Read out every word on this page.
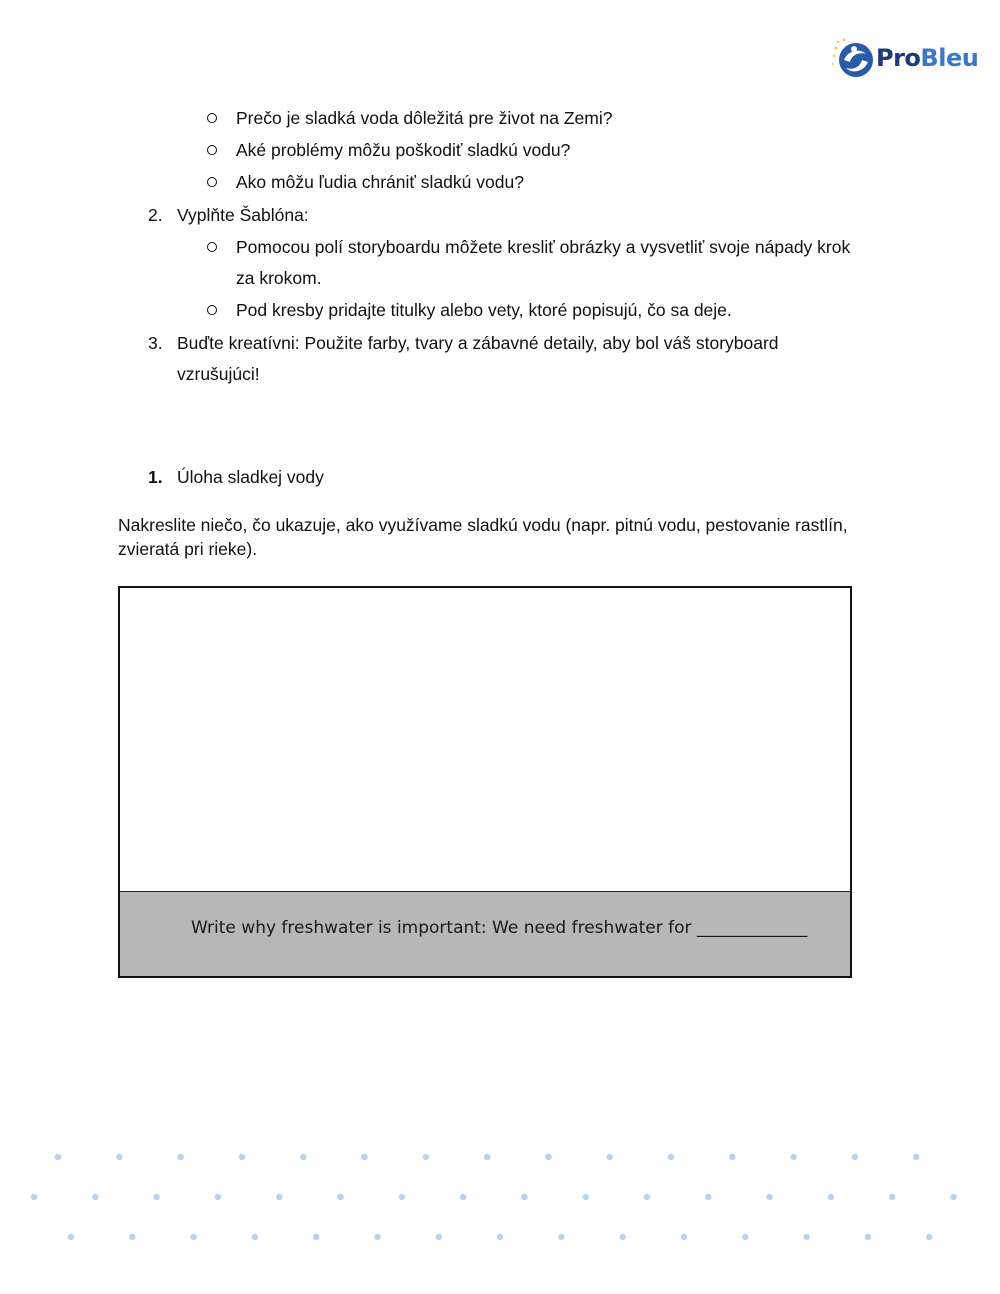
ProBleu
Prečo je sladká voda dôležitá pre život na Zemi?
Aké problémy môžu poškodiť sladkú vodu?
Ako môžu ľudia chrániť sladkú vodu?
2. Vyplňte Šablóna:
Pomocou polí storyboardu môžete kresliť obrázky a vysvetliť svoje nápady krok
za krokom.
Pod kresby pridajte titulky alebo vety, ktoré popisujú, čo sa deje.
3. Buďte kreatívni: Použite farby, tvary a zábavné detaily, aby bol váš storyboard
vzrušujúci!
1. Úloha sladkej vody
Nakreslite niečo, čo ukazuje, ako využívame sladkú vodu (napr. pitnú vodu, pestovanie rastlín,
zvieratá pri rieke).
Write why freshwater is important: We need freshwater for _____________
